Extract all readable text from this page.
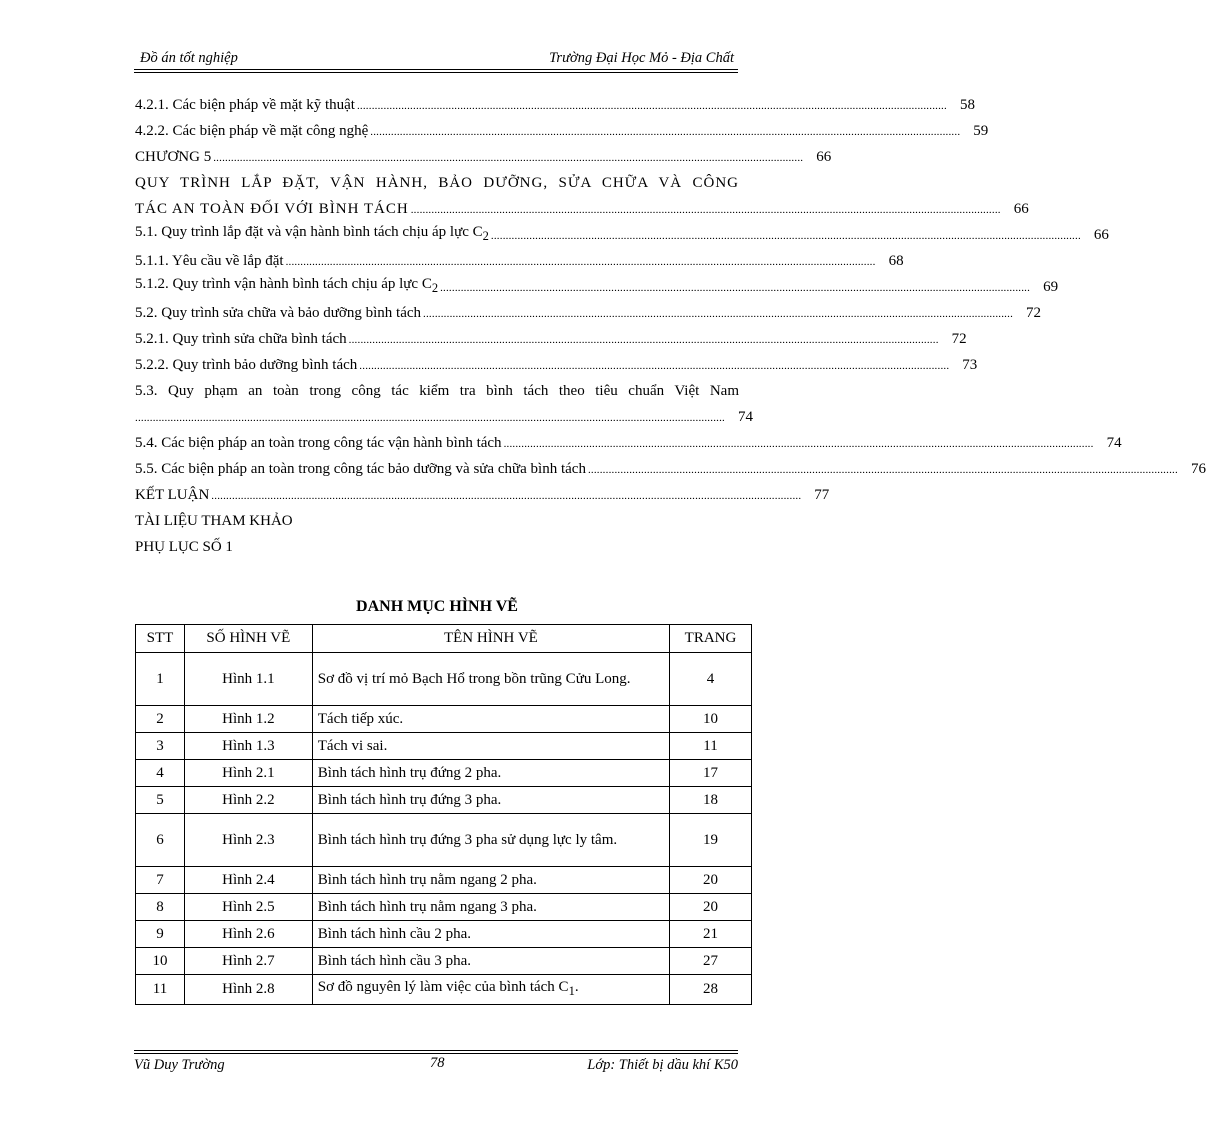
Đồ án tốt nghiệp	Trường Đại Học Mỏ - Địa Chất
4.2.1. Các biện pháp về mặt kỹ thuật ........................................................................................................................................................................................................ 58
4.2.2. Các biện pháp về mặt công nghệ ........................................................................................................................................................................................................ 59
CHƯƠNG 5 ........................................................................................................................................................................................................ 66
QUY TRÌNH LẮP ĐẶT, VẬN HÀNH, BẢO DƯỠNG, SỬA CHỮA VÀ CÔNG
TÁC AN TOÀN ĐỐI VỚI BÌNH TÁCH ........................................................................................................................................................................................................ 66
5.1. Quy trình lắp đặt và vận hành bình tách chịu áp lực $C_2$ ........................................................................................................................................................................................................ 66
5.1.1. Yêu cầu về lắp đặt ........................................................................................................................................................................................................ 68
5.1.2. Quy trình vận hành bình tách chịu áp lực $C_2$ ........................................................................................................................................................................................................ 69
5.2. Quy trình sửa chữa và bảo dưỡng bình tách ........................................................................................................................................................................................................ 72
5.2.1. Quy trình sửa chữa bình tách ........................................................................................................................................................................................................ 72
5.2.2. Quy trình bảo dưỡng bình tách ........................................................................................................................................................................................................ 73
5.3. Quy phạm an toàn trong công tác kiểm tra bình tách theo tiêu chuẩn Việt Nam
........................................................................................................................................................................................................ 74
5.4. Các biện pháp an toàn trong công tác vận hành bình tách ........................................................................................................................................................................................................ 74
5.5. Các biện pháp an toàn trong công tác bảo dưỡng và sửa chữa bình tách ........................................................................................................................................................................................................ 76
KẾT LUẬN ........................................................................................................................................................................................................ 77
TÀI LIỆU THAM KHẢO
PHỤ LỤC SỐ 1
DANH MỤC HÌNH VẼ
STT	SỐ HÌNH VẼ	TÊN HÌNH VẼ	TRANG
1	Hình 1.1	Sơ đồ vị trí mỏ Bạch Hổ trong bồn trũng Cửu Long.	4
2	Hình 1.2	Tách tiếp xúc.	10
3	Hình 1.3	Tách vi sai.	11
4	Hình 2.1	Bình tách hình trụ đứng 2 pha.	17
5	Hình 2.2	Bình tách hình trụ đứng 3 pha.	18
6	Hình 2.3	Bình tách hình trụ đứng 3 pha sử dụng lực ly tâm.	19
7	Hình 2.4	Bình tách hình trụ nằm ngang 2 pha.	20
8	Hình 2.5	Bình tách hình trụ nằm ngang 3 pha.	20
9	Hình 2.6	Bình tách hình cầu 2 pha.	21
10	Hình 2.7	Bình tách hình cầu 3 pha.	27
11	Hình 2.8	Sơ đồ nguyên lý làm việc của bình tách $C_1$.	28
Vũ Duy Trường	78	Lớp: Thiết bị dầu khí K50
